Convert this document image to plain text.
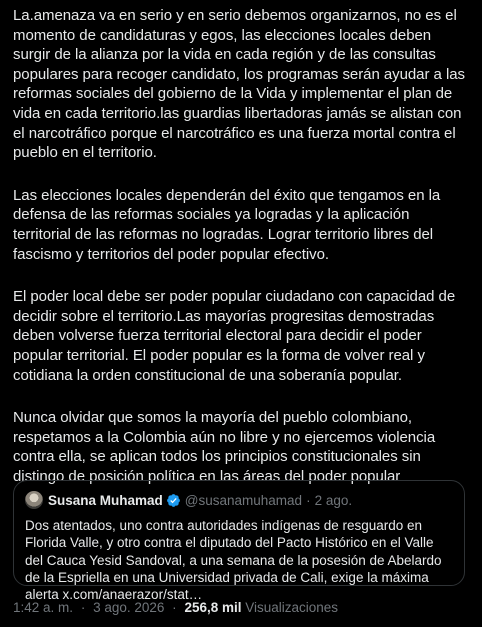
La.amenaza va en serio y en serio debemos organizarnos, no es el momento de candidaturas y egos, las elecciones locales deben surgir de la alianza por la vida en cada región y de las consultas populares para recoger candidato, los programas serán ayudar a las reformas sociales del gobierno de la Vida y implementar el plan de vida en cada territorio.las guardias libertadoras jamás se alistan con el narcotráfico porque el narcotráfico es una fuerza mortal contra el pueblo en el territorio.

Las elecciones locales dependerán del éxito que tengamos en la defensa de las reformas sociales ya logradas y la aplicación territorial de las reformas no logradas. Lograr territorio libres del fascismo y territorios del poder popular efectivo.

El poder local debe ser poder popular ciudadano con capacidad de decidir sobre el territorio.Las mayorías progresitas demostradas deben volverse fuerza territorial electoral para decidir el poder popular territorial. El poder popular es la forma de volver real y cotidiana la orden constitucional de una soberanía popular.

Nunca olvidar que somos la mayoría del pueblo colombiano, respetamos a la Colombia aún no libre y no ejercemos violencia contra ella, se aplican todos los principios constitucionales sin distingo de posición política en las áreas del poder popular

Susana Muhamad @susanamuhamad · 2 ago.
Dos atentados, uno contra autoridades indígenas de resguardo en Florida Valle, y otro contra el diputado del Pacto Histórico en el Valle del Cauca Yesid Sandoval, a una semana de la posesión de Abelardo de la Espriella en una Universidad privada de Cali, exige la máxima alerta x.com/anaerazor/stat…
1:42 a. m. · 3 ago. 2026 · 256,8 mil Visualizaciones
